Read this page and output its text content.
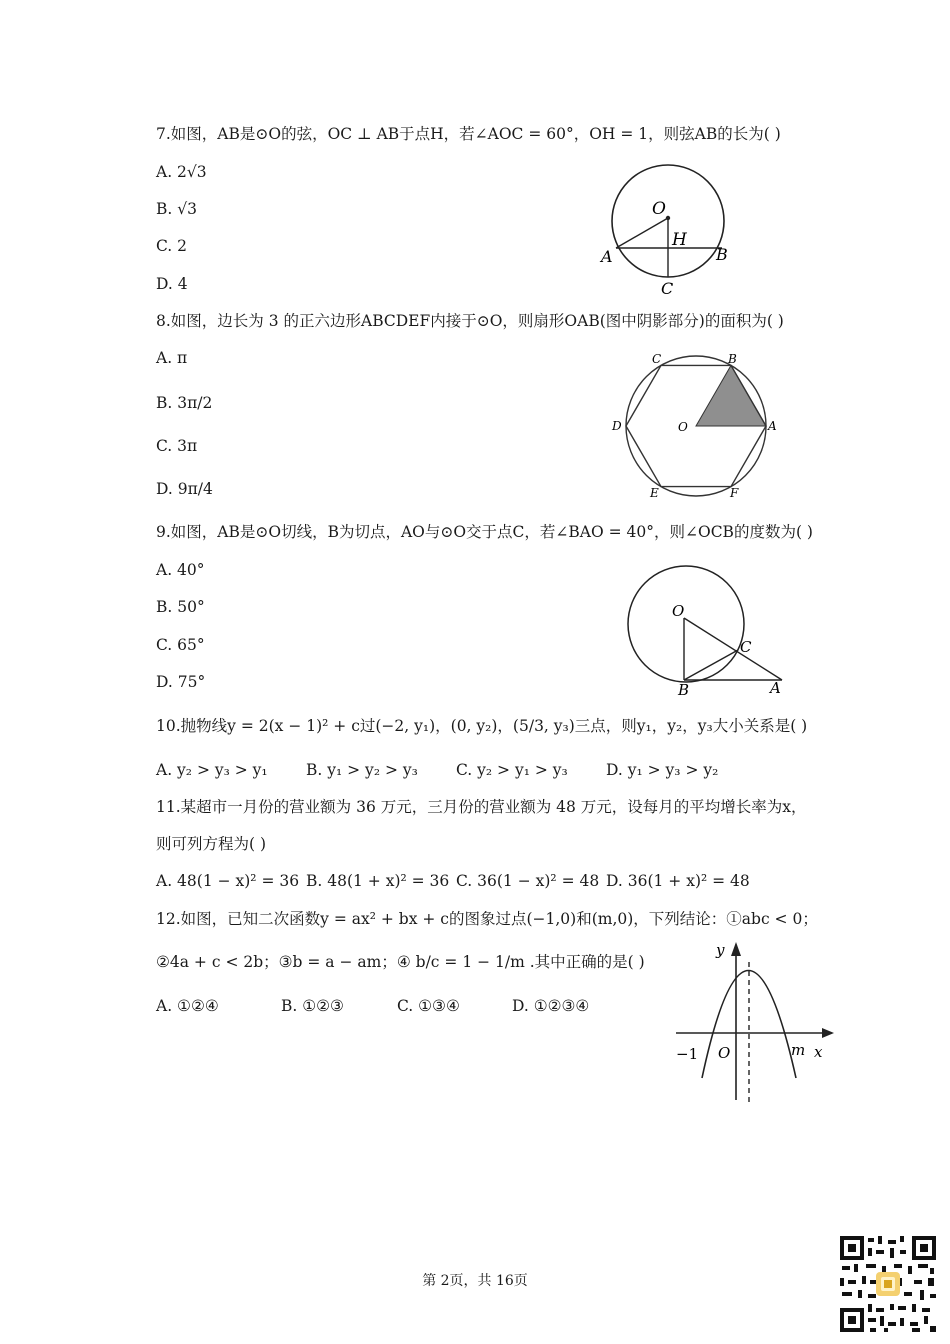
7.如图，AB是⊙O的弦，OC ⊥ AB于点H，若∠AOC = 60°，OH = 1，则弦AB的长为( )
A. 2√3
B. √3
C. 2
D. 4
O
H
A	B
C
8.如图，边长为 3 的正六边形ABCDEF内接于⊙O，则扇形OAB(图中阴影部分)的面积为( )
A. π
B. 3π/2
C. 3π
D. 9π/4
B
C
D	A
O
E	F
9.如图，AB是⊙O切线，B为切点，AO与⊙O交于点C，若∠BAO = 40°，则∠OCB的度数为( )
A. 40°
B. 50°
C. 65°
D. 75°
O
C
B	A
10.抛物线y = 2(x − 1)² + c过(−2, y₁)，(0, y₂)，(5/3, y₃)三点，则y₁，y₂，y₃大小关系是( )
A. y₂ > y₃ > y₁ B. y₁ > y₂ > y₃ C. y₂ > y₁ > y₃ D. y₁ > y₃ > y₂
11.某超市一月份的营业额为 36 万元，三月份的营业额为 48 万元，设每月的平均增长率为x，
则可列方程为( )
A. 48(1 − x)² = 36 B. 48(1 + x)² = 36 C. 36(1 − x)² = 48 D. 36(1 + x)² = 48
12.如图，已知二次函数y = ax² + bx + c的图象过点(−1,0)和(m,0)，下列结论：①abc < 0；
②4a + c < 2b；③b = a − am；④ b/c = 1 − 1/m .其中正确的是( )
A. ①②④	B. ①②③	C. ①③④	D. ①②③④
y
x
−1 O	m
第 2页，共 16页
